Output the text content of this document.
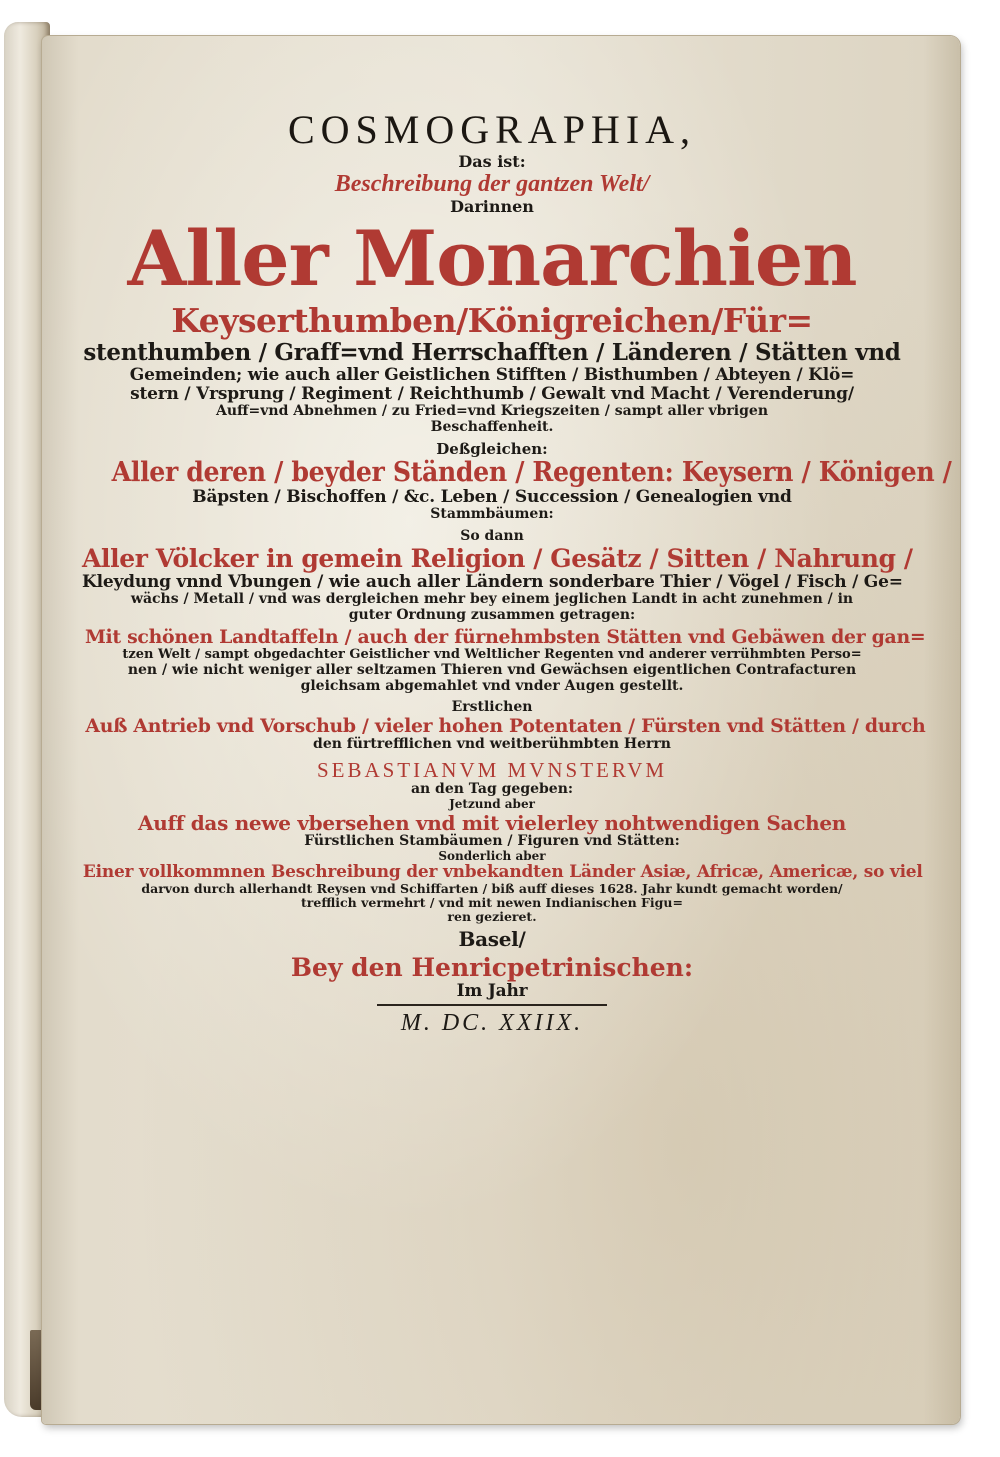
COSMOGRAPHIA,
Das ist:
Beschreibung der gantzen Welt/
Darinnen
Aller Monarchien
Keyserthumben/Königreichen/Für=
stenthumben / Graff=vnd Herrschafften / Länderen / Stätten vnd
Gemeinden; wie auch aller Geistlichen Stifften / Bisthumben / Abteyen / Klö=
stern / Vrsprung / Regiment / Reichthumb / Gewalt vnd Macht / Verenderung/
Auff=vnd Abnehmen / zu Fried=vnd Kriegszeiten / sampt aller vbrigen
Beschaffenheit.
Deßgleichen:
Aller deren / beyder Ständen / Regenten: Keysern / Königen /
Bäpsten / Bischoffen / &c. Leben / Succession / Genealogien vnd
Stammbäumen:
So dann
Aller Völcker in gemein Religion / Gesätz / Sitten / Nahrung /
Kleydung vnnd Vbungen / wie auch aller Ländern sonderbare Thier / Vögel / Fisch / Ge=
wächs / Metall / vnd was dergleichen mehr bey einem jeglichen Landt in acht zunehmen / in
guter Ordnung zusammen getragen:
Mit schönen Landtaffeln / auch der fürnehmbsten Stätten vnd Gebäwen der gan=
tzen Welt / sampt obgedachter Geistlicher vnd Weltlicher Regenten vnd anderer verrühmbten Perso=
nen / wie nicht weniger aller seltzamen Thieren vnd Gewächsen eigentlichen Contrafacturen
gleichsam abgemahlet vnd vnder Augen gestellt.
Erstlichen
Auß Antrieb vnd Vorschub / vieler hohen Potentaten / Fürsten vnd Stätten / durch
den fürtrefflichen vnd weitberühmbten Herrn
SEBASTIANVM MVNSTERVM
an den Tag gegeben:
Jetzund aber
Auff das newe vbersehen vnd mit vielerley nohtwendigen Sachen
Fürstlichen Stambäumen / Figuren vnd Stätten:
Sonderlich aber
Einer vollkommnen Beschreibung der vnbekandten Länder Asiæ, Africæ, Americæ, so viel
darvon durch allerhandt Reysen vnd Schiffarten / biß auff dieses 1628. Jahr kundt gemacht worden/
trefflich vermehrt / vnd mit newen Indianischen Figu=
ren gezieret.
Basel/
Bey den Henricpetrinischen:
Im Jahr
M. DC. XXIIX.
